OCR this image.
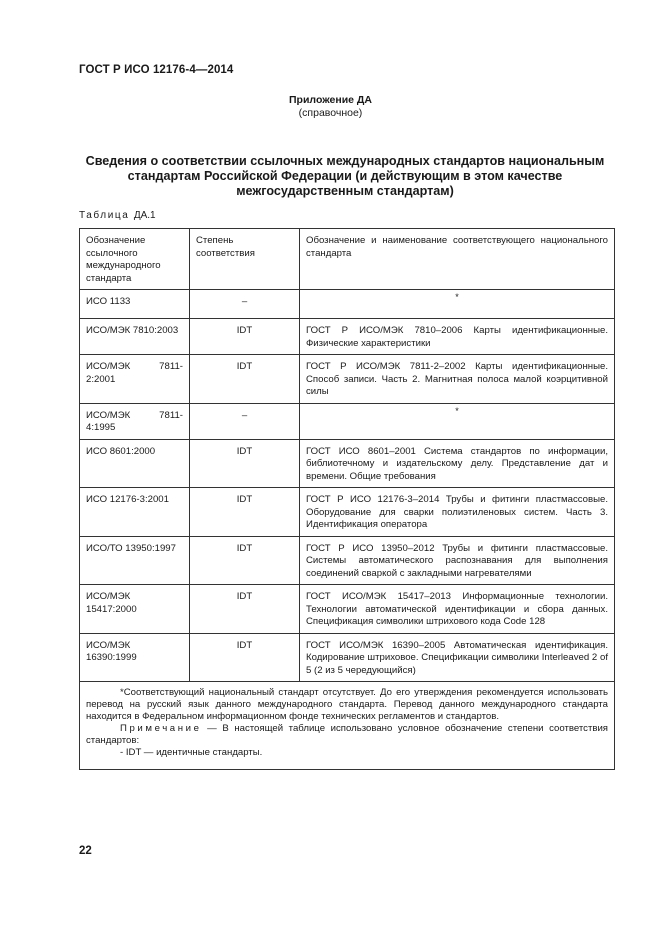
ГОСТ Р ИСО 12176-4—2014
Приложение ДА
(справочное)
Сведения о соответствии ссылочных международных стандартов национальным стандартам Российской Федерации (и действующим в этом качестве межгосударственным стандартам)
Таблица ДА.1
Обозначение ссылочного международного стандарта	Степень соответствия	Обозначение и наименование соответствующего национального стандарта
ИСО 1133	–	*
ИСО/МЭК 7810:2003	IDT	ГОСТ Р ИСО/МЭК 7810–2006 Карты идентификационные. Физические характеристики
ИСО/МЭК 7811-2:2001	IDT	ГОСТ Р ИСО/МЭК 7811-2–2002 Карты идентификационные. Способ записи. Часть 2. Магнитная полоса малой коэрцитивной силы
ИСО/МЭК 7811-4:1995	–	*
ИСО 8601:2000	IDT	ГОСТ ИСО 8601–2001 Система стандартов по информации, библиотечному и издательскому делу. Представление дат и времени. Общие требования
ИСО 12176-3:2001	IDT	ГОСТ Р ИСО 12176-3–2014 Трубы и фитинги пластмассовые. Оборудование для сварки полиэтиленовых систем. Часть 3. Идентификация оператора
ИСО/ТО 13950:1997	IDT	ГОСТ Р ИСО 13950–2012 Трубы и фитинги пластмассовые. Системы автоматического распознавания для выполнения соединений сваркой с закладными нагревателями
ИСО/МЭК 15417:2000	IDT	ГОСТ ИСО/МЭК 15417–2013 Информационные технологии. Технологии автоматической идентификации и сбора данных. Спецификация символики штрихового кода Code 128
ИСО/МЭК 16390:1999	IDT	ГОСТ ИСО/МЭК 16390–2005 Автоматическая идентификация. Кодирование штриховое. Спецификации символики Interleaved 2 of 5 (2 из 5 чередующийся)

*Соответствующий национальный стандарт отсутствует. До его утверждения рекомендуется использовать перевод на русский язык данного международного стандарта. Перевод данного международного стандарта находится в Федеральном информационном фонде технических регламентов и стандартов.

Примечание — В настоящей таблице использовано условное обозначение степени соответствия стандартов:

- IDT — идентичные стандарты.		

22
